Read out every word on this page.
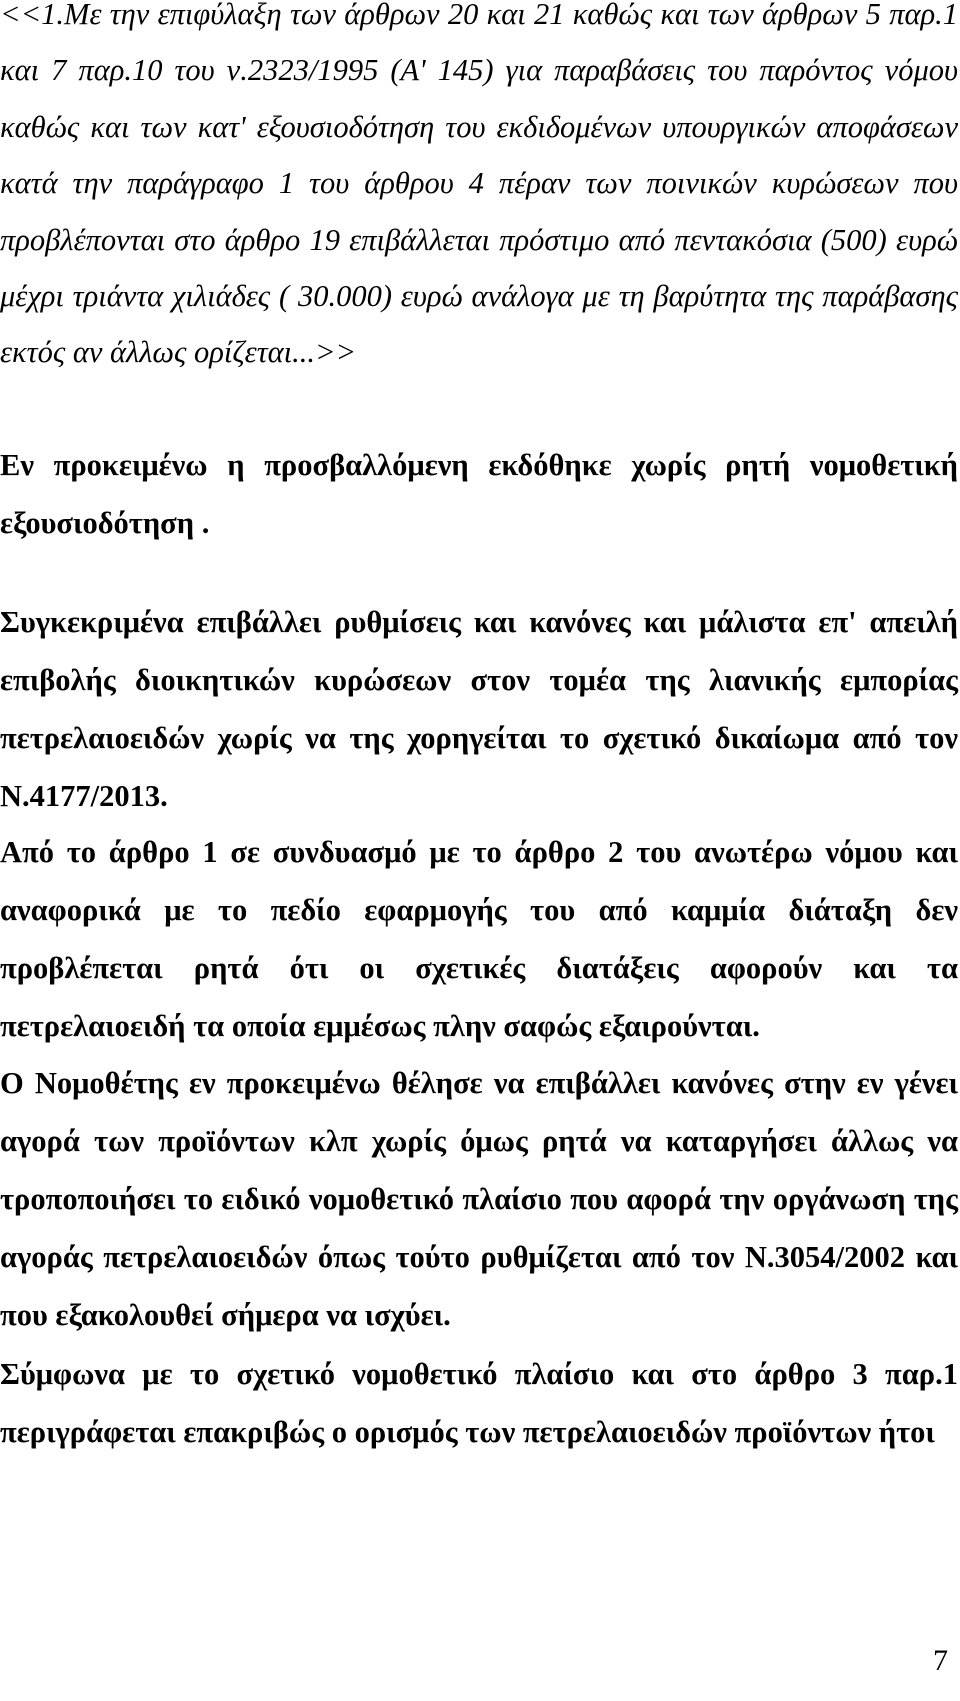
<<1.Με την επιφύλαξη των άρθρων 20 και 21 καθώς και των άρθρων 5 παρ.1 και 7 παρ.10 του ν.2323/1995 (Α' 145) για παραβάσεις του παρόντος νόμου καθώς και των κατ' εξουσιοδότηση του εκδιδομένων υπουργικών αποφάσεων κατά την παράγραφο 1 του άρθρου 4 πέραν των ποινικών κυρώσεων που προβλέπονται στο άρθρο 19 επιβάλλεται πρόστιμο από πεντακόσια (500) ευρώ μέχρι τριάντα χιλιάδες ( 30.000) ευρώ ανάλογα με τη βαρύτητα της παράβασης εκτός αν άλλως ορίζεται...>>

Εν προκειμένω η προσβαλλόμενη εκδόθηκε χωρίς ρητή νομοθετική εξουσιοδότηση .

Συγκεκριμένα επιβάλλει ρυθμίσεις και κανόνες και μάλιστα επ' απειλή επιβολής διοικητικών κυρώσεων στον τομέα της λιανικής εμπορίας πετρελαιοειδών χωρίς να της χορηγείται το σχετικό δικαίωμα από τον Ν.4177/2013.

Από το άρθρο 1 σε συνδυασμό με το άρθρο 2 του ανωτέρω νόμου και αναφορικά με το πεδίο εφαρμογής του από καμμία διάταξη δεν προβλέπεται ρητά ότι οι σχετικές διατάξεις αφορούν και τα πετρελαιοειδή τα οποία εμμέσως πλην σαφώς εξαιρούνται.

Ο Νομοθέτης εν προκειμένω θέλησε να επιβάλλει κανόνες στην εν γένει αγορά των προϊόντων κλπ χωρίς όμως ρητά να καταργήσει άλλως να τροποποιήσει το ειδικό νομοθετικό πλαίσιο που αφορά την οργάνωση της αγοράς πετρελαιοειδών όπως τούτο ρυθμίζεται από τον Ν.3054/2002 και που εξακολουθεί σήμερα να ισχύει.

Σύμφωνα με το σχετικό νομοθετικό πλαίσιο και στο άρθρο 3 παρ.1 περιγράφεται επακριβώς ο ορισμός των πετρελαιοειδών προϊόντων ήτοι

7
